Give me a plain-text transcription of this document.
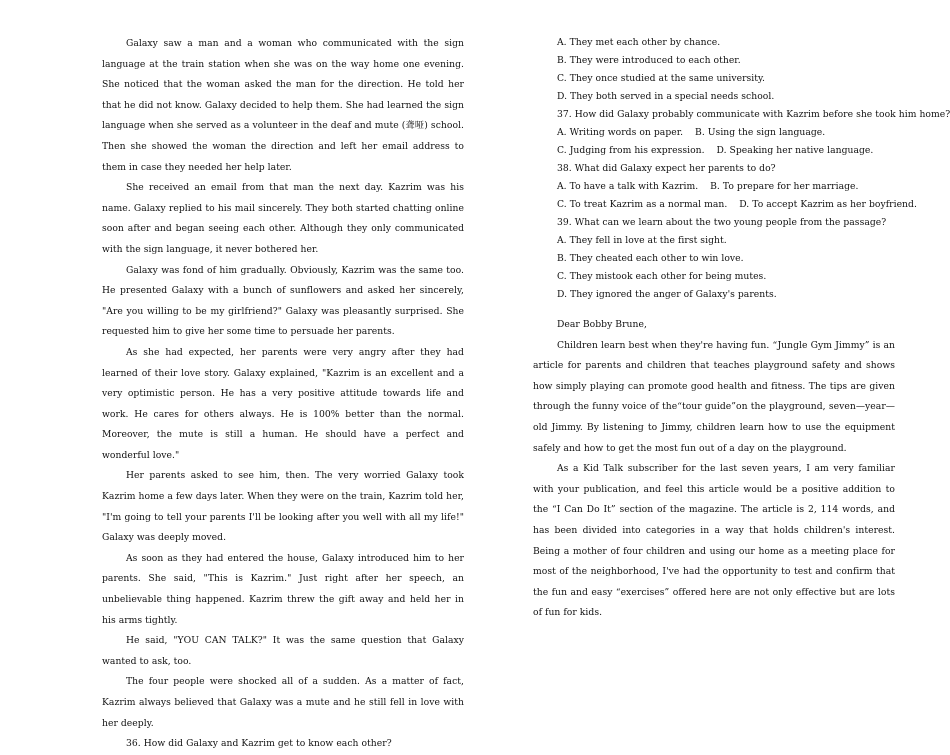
Galaxy saw a man and a woman who communicated with the sign language at the train station when she was on the way home one evening. She noticed that the woman asked the man for the direction. He told her that he did not know. Galaxy decided to help them. She had learned the sign language when she served as a volunteer in the deaf and mute (聋哑) school. Then she showed the woman the direction and left her email address to them in case they needed her help later.

She received an email from that man the next day. Kazrim was his name. Galaxy replied to his mail sincerely. They both started chatting online soon after and began seeing each other. Although they only communicated with the sign language, it never bothered her.

Galaxy was fond of him gradually. Obviously, Kazrim was the same too. He presented Galaxy with a bunch of sunflowers and asked her sincerely, "Are you willing to be my girlfriend?" Galaxy was pleasantly surprised. She requested him to give her some time to persuade her parents.

As she had expected, her parents were very angry after they had learned of their love story. Galaxy explained, "Kazrim is an excellent and a very optimistic person. He has a very positive attitude towards life and work. He cares for others always. He is 100% better than the normal. Moreover, the mute is still a human. He should have a perfect and wonderful love."

Her parents asked to see him, then. The very worried Galaxy took Kazrim home a few days later. When they were on the train, Kazrim told her, "I'm going to tell your parents I'll be looking after you well with all my life!" Galaxy was deeply moved.

As soon as they had entered the house, Galaxy introduced him to her parents. She said, "This is Kazrim." Just right after her speech, an unbelievable thing happened. Kazrim threw the gift away and held her in his arms tightly.

He said, "YOU CAN TALK?" It was the same question that Galaxy wanted to ask, too.

The four people were shocked all of a sudden. As a matter of fact, Kazrim always believed that Galaxy was a mute and he still fell in love with her deeply.

36. How did Galaxy and Kazrim get to know each other?

A. They met each other by chance.

B. They were introduced to each other.

C. They once studied at the same university.

D. They both served in a special needs school.

37. How did Galaxy probably communicate with Kazrim before she took him home?

A. Writing words on paper.    B. Using the sign language.

C. Judging from his expression.    D. Speaking her native language.

38. What did Galaxy expect her parents to do?

A. To have a talk with Kazrim.    B. To prepare for her marriage.

C. To treat Kazrim as a normal man.    D. To accept Kazrim as her boyfriend.

39. What can we learn about the two young people from the passage?

A. They fell in love at the first sight.

B. They cheated each other to win love.

C. They mistook each other for being mutes.

D. They ignored the anger of Galaxy's parents.

Dear Bobby Brune,

Children learn best when they're having fun. “Jungle Gym Jimmy” is an article for parents and children that teaches playground safety and shows how simply playing can promote good health and fitness. The tips are given through the funny voice of the“tour guide”on the playground, seven—year—old Jimmy. By listening to Jimmy, children learn how to use the equipment safely and how to get the most fun out of a day on the playground.

As a Kid Talk subscriber for the last seven years, I am very familiar with your publication, and feel this article would be a positive addition to the “I Can Do It” section of the magazine. The article is 2, 114 words, and has been divided into categories in a way that holds children's interest. Being a mother of four children and using our home as a meeting place for most of the neighborhood, I've had the opportunity to test and confirm that the fun and easy “exercises” offered here are not only effective but are lots of fun for kids.
